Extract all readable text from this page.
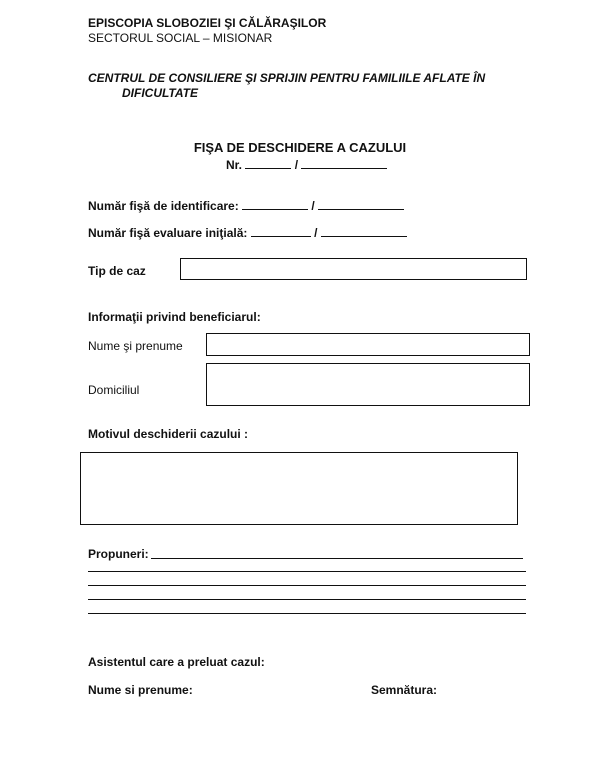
EPISCOPIA SLOBOZIEI ŞI CĂLĂRAŞILOR
SECTORUL SOCIAL – MISIONAR
CENTRUL DE CONSILIERE ŞI SPRIJIN PENTRU FAMILIILE AFLATE ÎN
DIFICULTATE
FIŞA DE DESCHIDERE A CAZULUI
Nr.	/
Număr fişă de identificare:	/
Număr fişă evaluare iniţială:	/
Tip de caz
Informaţii privind beneficiarul:
Nume şi prenume
Domiciliul
Motivul deschiderii cazului :
Propuneri:
Asistentul care a preluat cazul:
Nume si prenume:	Semnătura:
